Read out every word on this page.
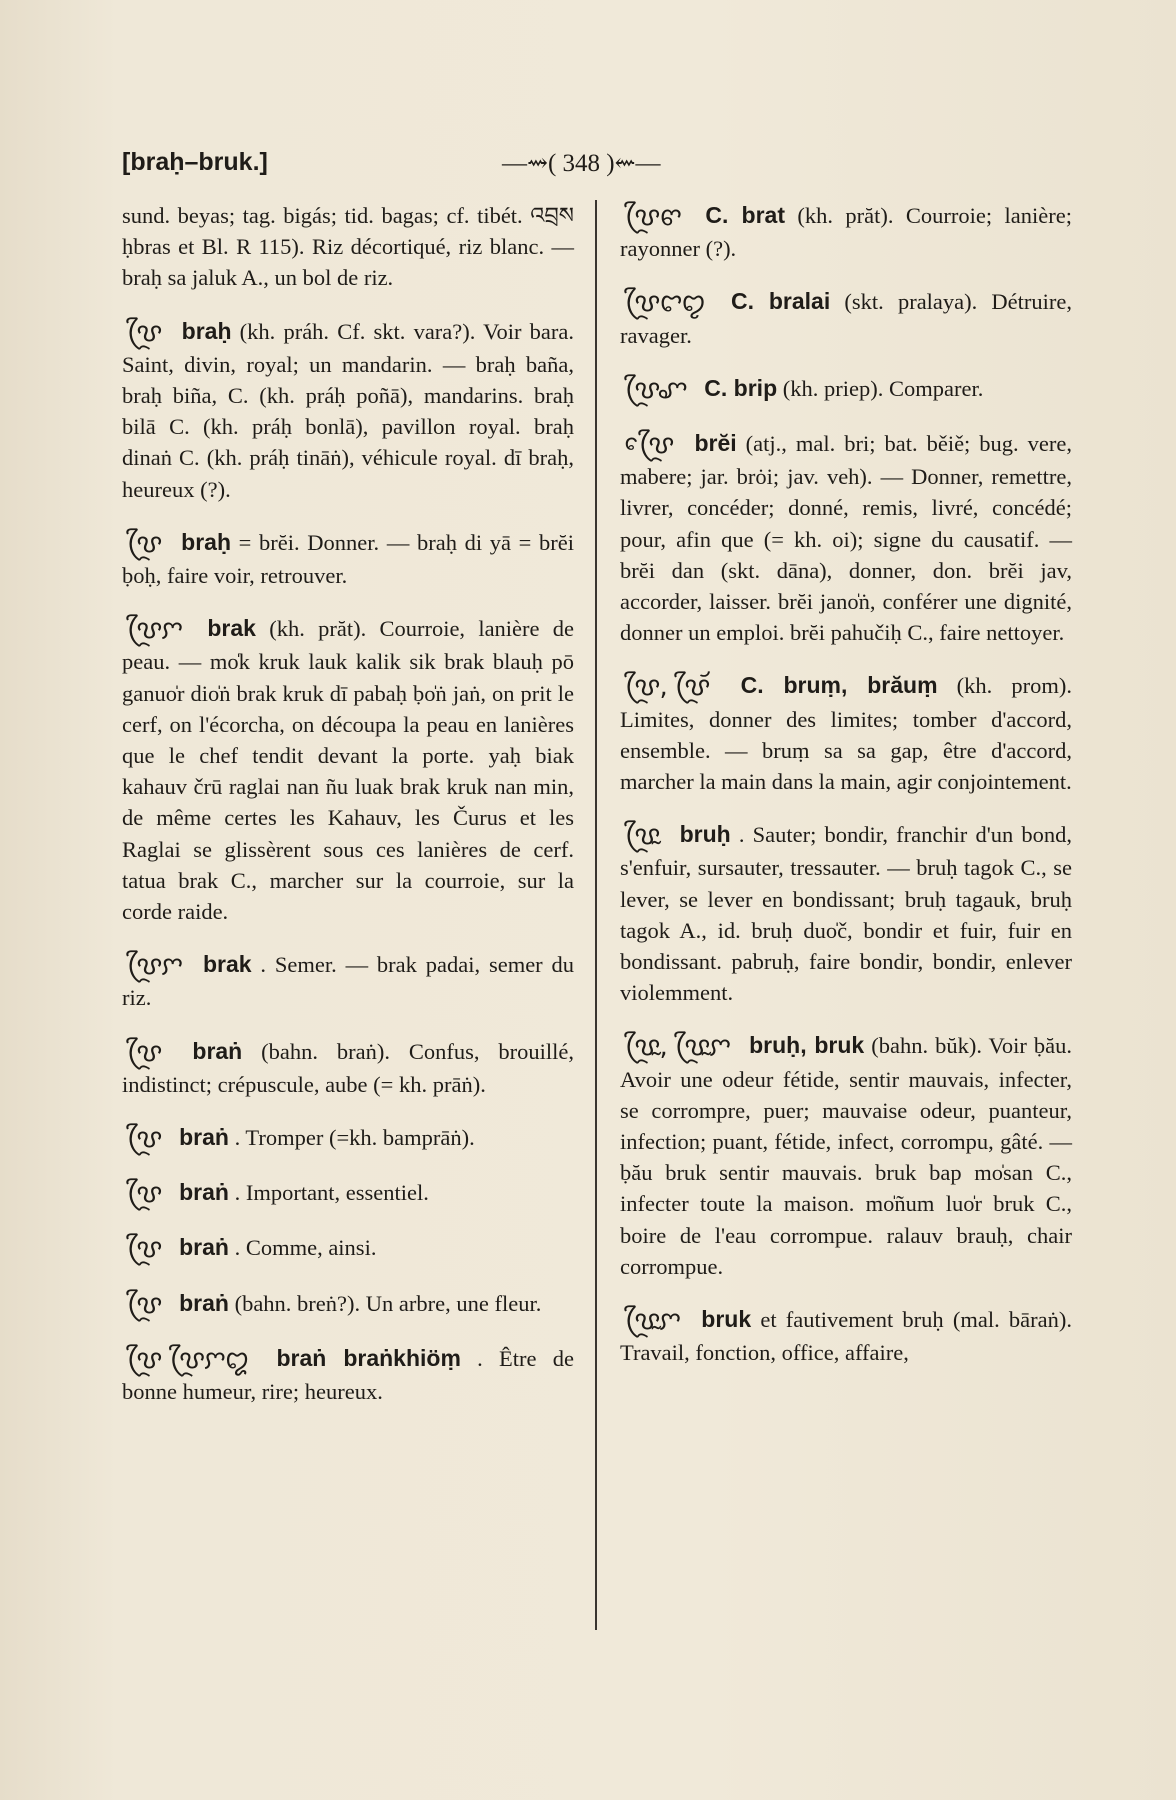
[braḥ–bruk.]	—⇝( 348 )⇜—

sund. beyas; tag. bigás; tid. bagas; cf. tibét. འབྲས ḥbras et Bl. R 115). Riz décortiqué, riz blanc. — braḥ sa jaluk A., un bol de riz.

ꨝꨴ braḥ (kh. práh. Cf. skt. vara?). Voir bara. Saint, divin, royal; un mandarin. — braḥ baña, braḥ biña, C. (kh. práḥ poñā), mandarins. braḥ bilā C. (kh. práḥ bonlā), pavillon royal. braḥ dinaṅ C. (kh. práḥ tināṅ), véhicule royal. dī braḥ, heureux (?).

ꨝꨴ braḥ = brĕi. Donner. — braḥ di yā = brĕi ḅoḥ, faire voir, retrouver.

ꨝꨴꨆ brak (kh. prăt). Courroie, lanière de peau. — mo̍k kruk lauk kalik sik brak blauḥ pō ganuo̍r dio̍ṅ brak kruk dī pabaḥ ḅo̍ṅ jaṅ, on prit le cerf, on l'écorcha, on découpa la peau en lanières que le chef tendit devant la porte. yaḥ biak kahauv črū raglai nan ñu luak brak kruk nan min, de même certes les Kahauv, les Čurus et les Raglai se glissèrent sous ces lanières de cerf. tatua brak C., marcher sur la courroie, sur la corde raide.

ꨝꨴꨆ brak . Semer. — brak padai, semer du riz.

ꨝꨴ braṅ (bahn. braṅ). Confus, brouillé, indistinct; crépuscule, aube (= kh. prāṅ).

ꨝꨴ braṅ . Tromper (=kh. bamprāṅ).

ꨝꨴ braṅ . Important, essentiel.

ꨝꨴ braṅ . Comme, ainsi.

ꨝꨴ braṅ (bahn. breṅ?). Un arbre, une fleur.

ꨝꨴ ꨝꨴꨆꨁ braṅ braṅkhiöṃ . Être de bonne humeur, rire; heureux.

ꨝꨴꨓ C. brat (kh. prăt). Courroie; lanière; rayonner (?).

ꨝꨴꨤꨄ C. bralai (skt. pralaya). Détruire, ravager.

ꨝꨴꨚ C. brip (kh. priep). Comparer.

ꨝꨴꨯ brĕi (atj., mal. bri; bat. běiě; bug. vere, mabere; jar. brȯi; jav. veh). — Donner, remettre, livrer, concéder; donné, remis, livré, concédé; pour, afin que (= kh. oi); signe du causatif. — brĕi dan (skt. dāna), donner, don. brĕi jav, accorder, laisser. brĕi jano̍ṅ, conférer une dignité, donner un emploi. brĕi pahučiḥ C., faire nettoyer.

ꨝꨴ, ꨝꨴꨮ C. bruṃ, brăuṃ (kh. prom). Limites, donner des limites; tomber d'accord, ensemble. — bruṃ sa sa gap, être d'accord, marcher la main dans la main, agir conjointement.

ꨝꨴꨭ bruḥ . Sauter; bondir, franchir d'un bond, s'enfuir, sursauter, tressauter. — bruḥ tagok C., se lever, se lever en bondissant; bruḥ tagauk, bruḥ tagok A., id. bruḥ duo̍č, bondir et fuir, fuir en bondissant. pabruḥ, faire bondir, bondir, enlever violemment.

ꨝꨴꨭ, ꨝꨴꨭꨆ bruḥ, bruk (bahn. bŭk). Voir ḅău. Avoir une odeur fétide, sentir mauvais, infecter, se corrompre, puer; mauvaise odeur, puanteur, infection; puant, fétide, infect, corrompu, gâté. — ḅău bruk sentir mauvais. bruk bap mo̍san C., infecter toute la maison. mo̍ñum luo̍r bruk C., boire de l'eau corrompue. ralauv brauḥ, chair corrompue.

ꨝꨴꨭꨆ bruk et fautivement bruḥ (mal. bāraṅ). Travail, fonction, office, affaire,
